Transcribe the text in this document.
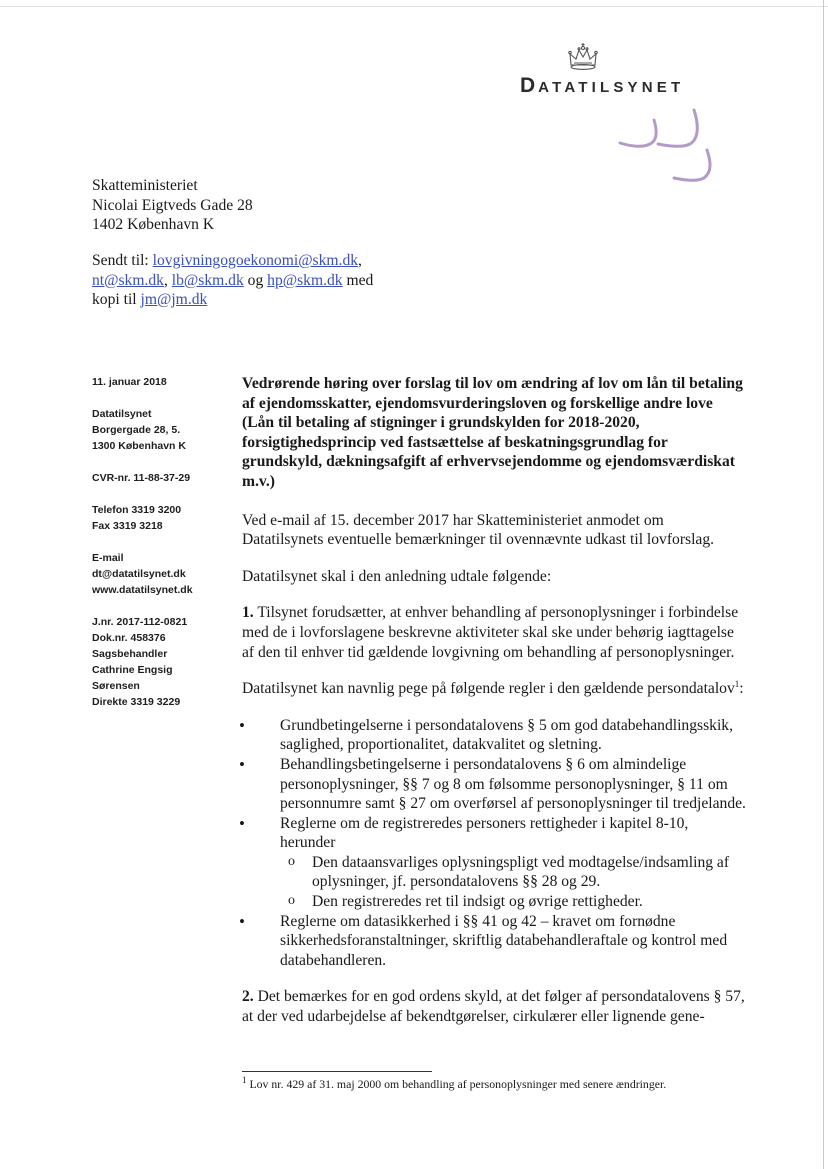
DATATILSYNET
Skatteministeriet
Nicolai Eigtveds Gade 28
1402 København K
Sendt til: lovgivningogoekonomi@skm.dk,
nt@skm.dk, lb@skm.dk og hp@skm.dk med
kopi til jm@jm.dk
11. januar 2018
Datatilsynet
Borgergade 28, 5.
1300 København K
CVR-nr. 11-88-37-29
Telefon 3319 3200
Fax 3319 3218
E-mail
dt@datatilsynet.dk
www.datatilsynet.dk
J.nr. 2017-112-0821
Dok.nr. 458376
Sagsbehandler
Cathrine Engsig
Sørensen
Direkte 3319 3229
Vedrørende høring over forslag til lov om ændring af lov om lån til betaling af ejendomsskatter, ejendomsvurderingsloven og forskellige andre love (Lån til betaling af stigninger i grundskylden for 2018-2020, forsigtighedsprincip ved fastsættelse af beskatningsgrundlag for grundskyld, dækningsafgift af erhvervsejendomme og ejendomsværdiskat m.v.)

Ved e-mail af 15. december 2017 har Skatteministeriet anmodet om Datatilsynets eventuelle bemærkninger til ovennævnte udkast til lovforslag.

Datatilsynet skal i den anledning udtale følgende:

1. Tilsynet forudsætter, at enhver behandling af personoplysninger i forbindelse med de i lovforslagene beskrevne aktiviteter skal ske under behørig iagttagelse af den til enhver tid gældende lovgivning om behandling af personoplysninger.

Datatilsynet kan navnlig pege på følgende regler i den gældende persondatalov$^1$:

• Grundbetingelserne i persondatalovens § 5 om god databehandlingsskik, saglighed, proportionalitet, datakvalitet og sletning.
• Behandlingsbetingelserne i persondatalovens § 6 om almindelige personoplysninger, §§ 7 og 8 om følsomme personoplysninger, § 11 om personnumre samt § 27 om overførsel af personoplysninger til tredjelande.
• Reglerne om de registreredes personers rettigheder i kapitel 8-10, herunder
o Den dataansvarliges oplysningspligt ved modtagelse/indsamling af oplysninger, jf. persondatalovens §§ 28 og 29.
o Den registreredes ret til indsigt og øvrige rettigheder.
• Reglerne om datasikkerhed i §§ 41 og 42 – kravet om fornødne sikkerhedsforanstaltninger, skriftlig databehandleraftale og kontrol med databehandleren.

2. Det bemærkes for en god ordens skyld, at det følger af persondatalovens § 57, at der ved udarbejdelse af bekendtgørelser, cirkulærer eller lignende gene-

$^1$ Lov nr. 429 af 31. maj 2000 om behandling af personoplysninger med senere ændringer.
